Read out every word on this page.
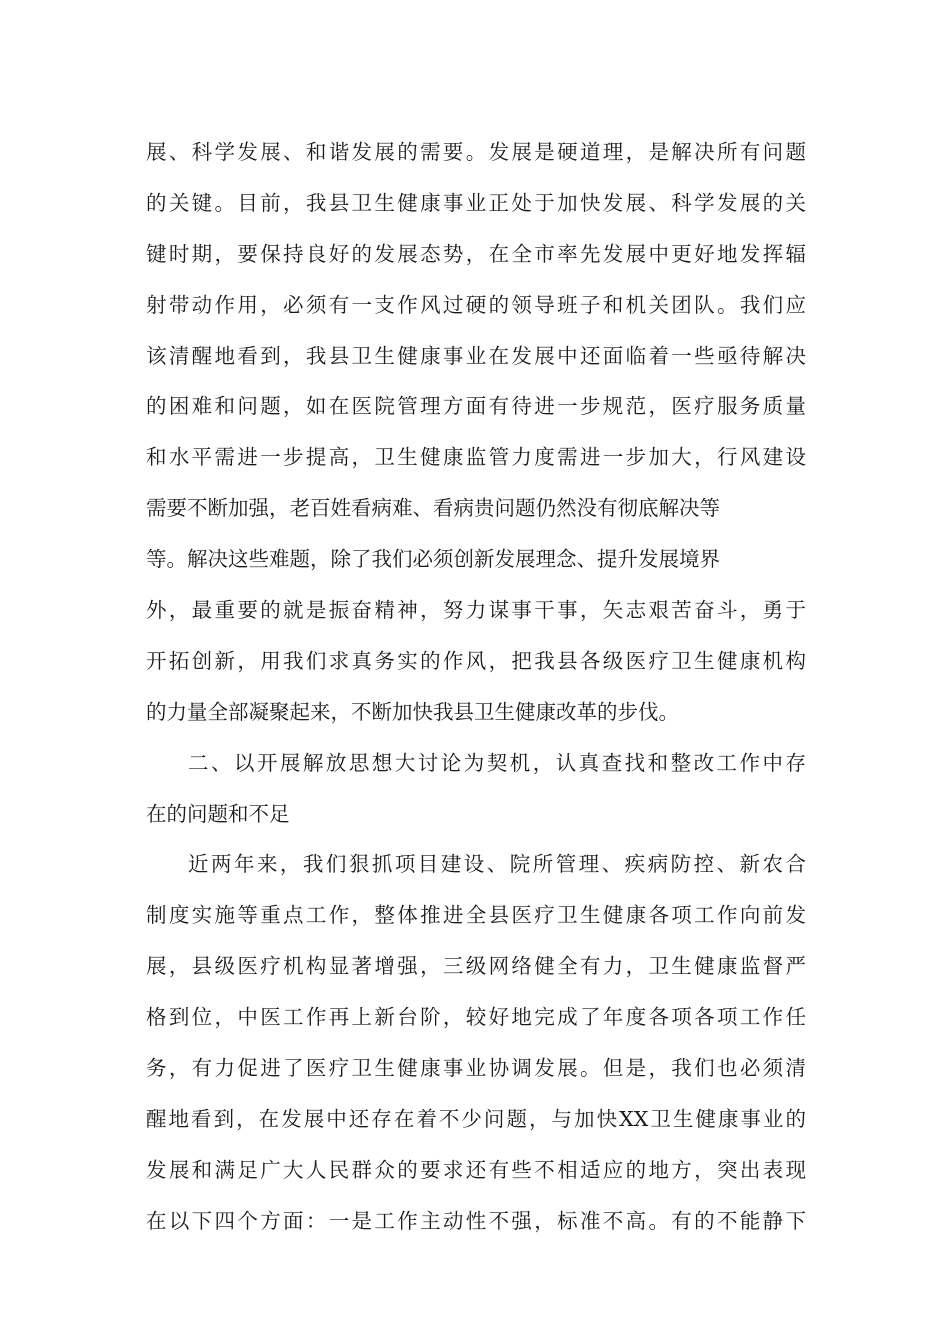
展、科学发展、和谐发展的需要。发展是硬道理，是解决所有问题
的关键。目前，我县卫生健康事业正处于加快发展、科学发展的关
键时期，要保持良好的发展态势，在全市率先发展中更好地发挥辐
射带动作用，必须有一支作风过硬的领导班子和机关团队。我们应
该清醒地看到，我县卫生健康事业在发展中还面临着一些亟待解决
的困难和问题，如在医院管理方面有待进一步规范，医疗服务质量
和水平需进一步提高，卫生健康监管力度需进一步加大，行风建设
需要不断加强，老百姓看病难、看病贵问题仍然没有彻底解决等
等。解决这些难题，除了我们必须创新发展理念、提升发展境界
外，最重要的就是振奋精神，努力谋事干事，矢志艰苦奋斗，勇于
开拓创新，用我们求真务实的作风，把我县各级医疗卫生健康机构
的力量全部凝聚起来，不断加快我县卫生健康改革的步伐。
二、以开展解放思想大讨论为契机，认真查找和整改工作中存
在的问题和不足
近两年来，我们狠抓项目建设、院所管理、疾病防控、新农合
制度实施等重点工作，整体推进全县医疗卫生健康各项工作向前发
展，县级医疗机构显著增强，三级网络健全有力，卫生健康监督严
格到位，中医工作再上新台阶，较好地完成了年度各项各项工作任
务，有力促进了医疗卫生健康事业协调发展。但是，我们也必须清
醒地看到，在发展中还存在着不少问题，与加快XX卫生健康事业的
发展和满足广大人民群众的要求还有些不相适应的地方，突出表现
在以下四个方面：一是工作主动性不强，标准不高。有的不能静下
